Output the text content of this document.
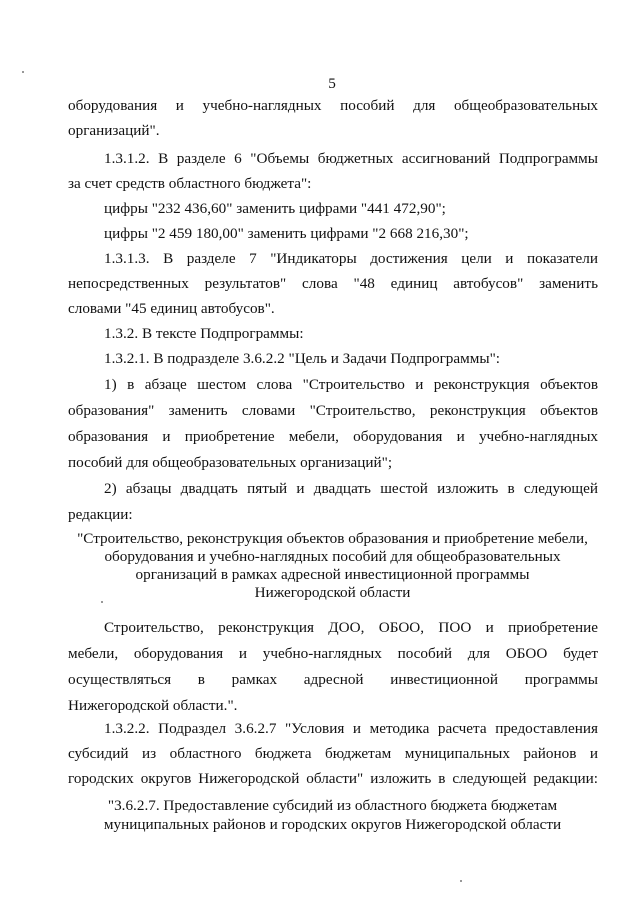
5
оборудования и учебно-наглядных пособий для общеобразовательных
организаций".
1.3.1.2. В разделе 6 "Объемы бюджетных ассигнований Подпрограммы
за счет средств областного бюджета":
цифры "232 436,60" заменить цифрами "441 472,90";
цифры "2 459 180,00" заменить цифрами "2 668 216,30";
1.3.1.3. В разделе 7 "Индикаторы достижения цели и показатели
непосредственных результатов" слова "48 единиц автобусов" заменить
словами "45 единиц автобусов".
1.3.2. В тексте Подпрограммы:
1.3.2.1. В подразделе 3.6.2.2 "Цель и Задачи Подпрограммы":
1) в абзаце шестом слова "Строительство и реконструкция объектов
образования" заменить словами "Строительство, реконструкция объектов
образования и приобретение мебели, оборудования и учебно-наглядных
пособий для общеобразовательных организаций";
2) абзацы двадцать пятый и двадцать шестой изложить в следующей
редакции:
"Строительство, реконструкция объектов образования и приобретение мебели,
оборудования и учебно-наглядных пособий для общеобразовательных
организаций в рамках адресной инвестиционной программы
Нижегородской области
Строительство, реконструкция ДОО, ОБОО, ПОО и приобретение
мебели, оборудования и учебно-наглядных пособий для ОБОО будет
осуществляться в рамках адресной инвестиционной программы
Нижегородской области.".
1.3.2.2. Подраздел 3.6.2.7 "Условия и методика расчета предоставления
субсидий из областного бюджета бюджетам муниципальных районов и
городских округов Нижегородской области" изложить в следующей редакции:
"3.6.2.7. Предоставление субсидий из областного бюджета бюджетам
муниципальных районов и городских округов Нижегородской области
